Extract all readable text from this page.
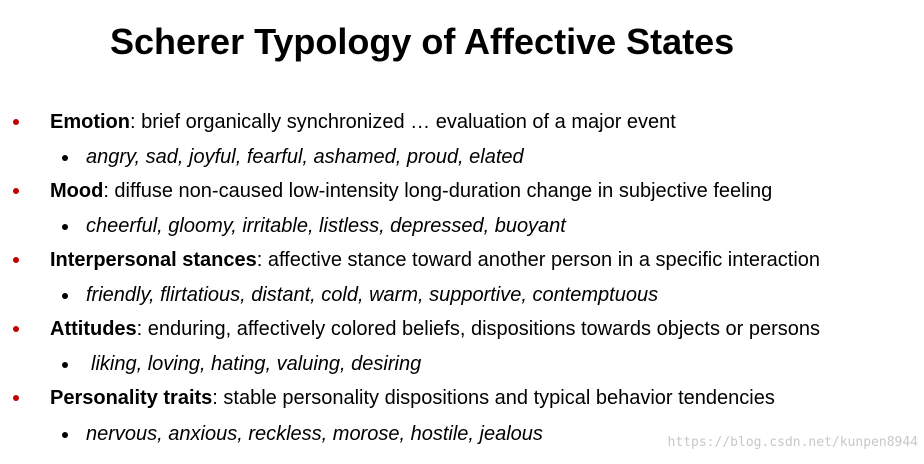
Scherer Typology of Affective States
Emotion: brief organically synchronized … evaluation of a major event
angry, sad, joyful, fearful, ashamed, proud, elated
Mood: diffuse non-caused low-intensity long-duration change in subjective feeling
cheerful, gloomy, irritable, listless, depressed, buoyant
Interpersonal stances: affective stance toward another person in a specific interaction
friendly, flirtatious, distant, cold, warm, supportive, contemptuous
Attitudes: enduring, affectively colored beliefs, dispositions towards objects or persons
liking, loving, hating, valuing, desiring
Personality traits: stable personality dispositions and typical behavior tendencies
nervous, anxious, reckless, morose, hostile, jealous	https://blog.csdn.net/kunpen8944
